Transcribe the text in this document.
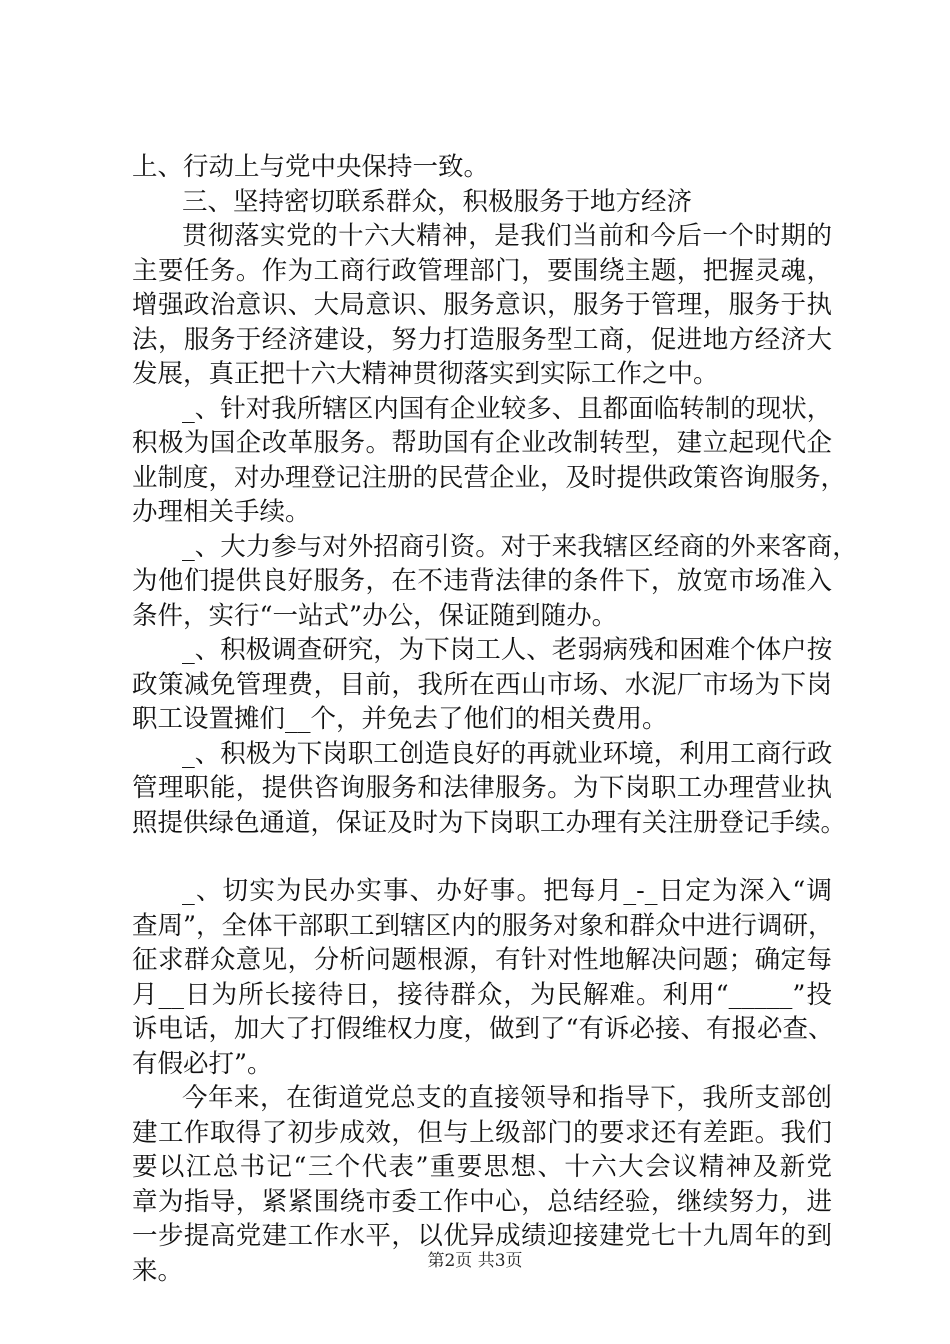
上、行动上与党中央保持一致。
三、坚持密切联系群众，积极服务于地方经济
贯彻落实党的十六大精神，是我们当前和今后一个时期的
主要任务。作为工商行政管理部门，要围绕主题，把握灵魂，
增强政治意识、大局意识、服务意识，服务于管理，服务于执
法，服务于经济建设，努力打造服务型工商，促进地方经济大
发展，真正把十六大精神贯彻落实到实际工作之中。
_、针对我所辖区内国有企业较多、且都面临转制的现状，
积极为国企改革服务。帮助国有企业改制转型，建立起现代企
业制度，对办理登记注册的民营企业，及时提供政策咨询服务，
办理相关手续。
_、大力参与对外招商引资。对于来我辖区经商的外来客商，
为他们提供良好服务，在不违背法律的条件下，放宽市场准入
条件，实行“一站式”办公，保证随到随办。
_、积极调查研究，为下岗工人、老弱病残和困难个体户按
政策减免管理费，目前，我所在西山市场、水泥厂市场为下岗
职工设置摊们__个，并免去了他们的相关费用。
_、积极为下岗职工创造良好的再就业环境，利用工商行政
管理职能，提供咨询服务和法律服务。为下岗职工办理营业执
照提供绿色通道，保证及时为下岗职工办理有关注册登记手续。
_、切实为民办实事、办好事。把每月_-_日定为深入“调
查周”，全体干部职工到辖区内的服务对象和群众中进行调研，
征求群众意见，分析问题根源，有针对性地解决问题；确定每
月__日为所长接待日，接待群众，为民解难。利用“_____”投
诉电话，加大了打假维权力度，做到了“有诉必接、有报必查、
有假必打”。
今年来，在街道党总支的直接领导和指导下，我所支部创
建工作取得了初步成效，但与上级部门的要求还有差距。我们
要以江总书记“三个代表”重要思想、十六大会议精神及新党
章为指导，紧紧围绕市委工作中心，总结经验，继续努力，进
一步提高党建工作水平，以优异成绩迎接建党七十九周年的到
来。	第2页 共3页
